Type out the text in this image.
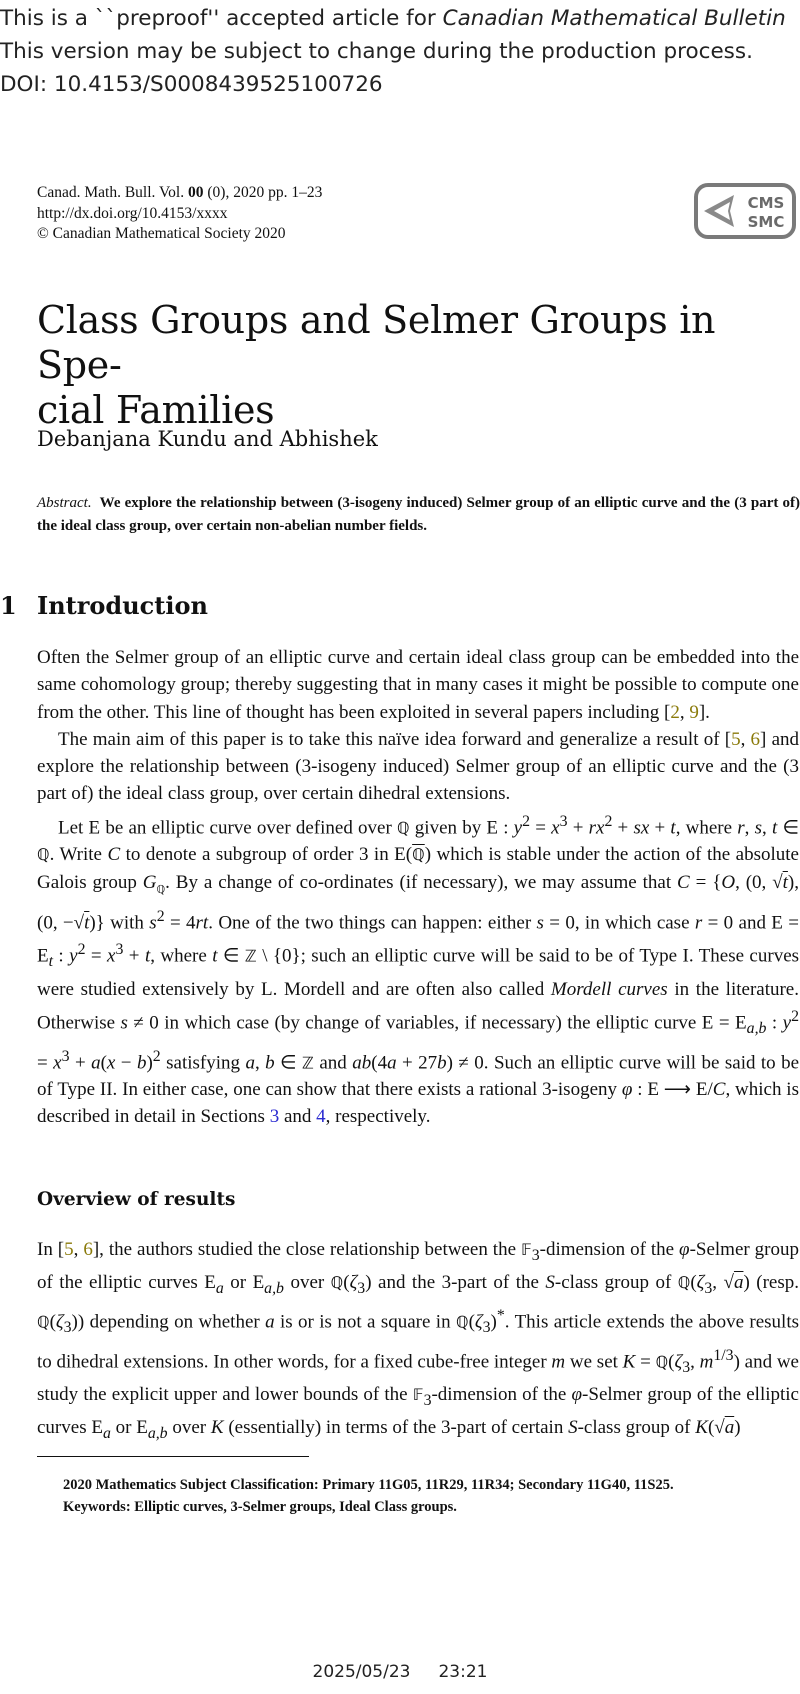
This is a ``preproof'' accepted article for Canadian Mathematical Bulletin
This version may be subject to change during the production process.
DOI: 10.4153/S0008439525100726
Canad. Math. Bull. Vol. 00 (0), 2020 pp. 1–23
http://dx.doi.org/10.4153/xxxx
© Canadian Mathematical Society 2020
CMS
SMC
Class Groups and Selmer Groups in Spe-
cial Families
Debanjana Kundu and Abhishek
Abstract. We explore the relationship between (3-isogeny induced) Selmer group of an elliptic curve and the (3 part of) the ideal class group, over certain non-abelian number fields.
1 Introduction

Often the Selmer group of an elliptic curve and certain ideal class group can be embedded into the same cohomology group; thereby suggesting that in many cases it might be possible to compute one from the other. This line of thought has been exploited in several papers including [2, 9].

The main aim of this paper is to take this naïve idea forward and generalize a result of [5, 6] and explore the relationship between (3-isogeny induced) Selmer group of an elliptic curve and the (3 part of) the ideal class group, over certain dihedral extensions.

Let E be an elliptic curve over defined over ℚ given by E : $y^2 = x^3 + rx^2$ + sx + t, where r, s, t ∈ ℚ. Write C to denote a subgroup of order 3 in E(ℚ) which is stable under the action of the absolute Galois group $G_ℚ$. By a change of co-ordinates (if necessary), we may assume that C = {O, (0, √t), (0, −√t)} with $s^2 = 4rt$. One of the two things can happen: either s = 0, in which case r = 0 and $E = E_t$ : $y^2 = x^3 + t$, where t ∈ ℤ \ {0}; such an elliptic curve will be said to be of Type I. These curves were studied extensively by L. Mordell and are often also called Mordell curves in the literature. Otherwise s ≠ 0 in which case (by change of variables, if necessary) the elliptic curve $E = E_{a,b}$ : $y^2 = x^3 + a(x - b)^2$ satisfying a, b ∈ ℤ and ab(4a + 27b) ≠ 0. Such an elliptic curve will be said to be of Type II. In either case, one can show that there exists a rational 3-isogeny φ : E ⟶ E/C, which is described in detail in Sections 3 and 4, respectively.

Overview of results

In [5, 6], the authors studied the close relationship between the 𝔽$_3$-dimension of the φ-Selmer group of the elliptic curves $E_a$ or $E_{a,b}$ over $ℚ(\zeta_3)$ and the 3-part of the S-class group of $ℚ(\zeta_3$, √a) (resp. $ℚ(\zeta_3)$) depending on whether a is or is not a square in $ℚ(\zeta_3)^*$. This article extends the above results to dihedral extensions. In other words, for a fixed cube-free integer m we set $K = ℚ(\zeta_3$, $m^{1/3}$) and we study the explicit upper and lower bounds of the 𝔽$_3$-dimension of the φ-Selmer group of the elliptic curves $E_a$ or $E_{a,b}$ over K (essentially) in terms of the 3-part of certain S-class group of K(√a)

2020 Mathematics Subject Classification: Primary 11G05, 11R29, 11R34; Secondary 11G40, 11S25.
Keywords: Elliptic curves, 3-Selmer groups, Ideal Class groups.
2025/05/23 23:21
